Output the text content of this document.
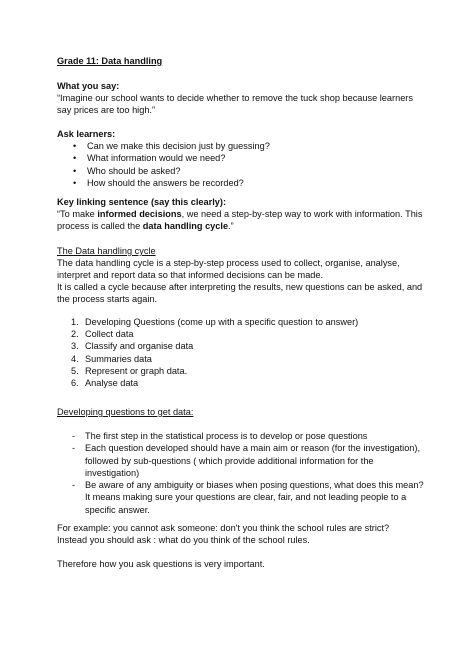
Grade 11: Data handling
What you say:
“Imagine our school wants to decide whether to remove the tuck shop because learners say prices are too high.”
Ask learners:
• Can we make this decision just by guessing?
• What information would we need?
• Who should be asked?
• How should the answers be recorded?
Key linking sentence (say this clearly):

“To make informed decisions, we need a step-by-step way to work with information. This process is called the data handling cycle.”

The Data handling cycle

The data handling cycle is a step-by-step process used to collect, organise, analyse, interpret and report data so that informed decisions can be made.

It is called a cycle because after interpreting the results, new questions can be asked, and the process starts again.

1. Developing Questions (come up with a specific question to answer)
2. Collect data
3. Classify and organise data
4. Summaries data
5. Represent or graph data.
6. Analyse data
Developing questions to get data:
- The first step in the statistical process is to develop or pose questions
- Each question developed should have a main aim or reason (for the investigation), followed by sub-questions ( which provide additional information for the investigation)
- Be aware of any ambiguity or biases when posing questions, what does this mean? It means making sure your questions are clear, fair, and not leading people to a specific answer.

For example: you cannot ask someone: don't you think the school rules are strict?

Instead you should ask : what do you think of the school rules.

Therefore how you ask questions is very important.
